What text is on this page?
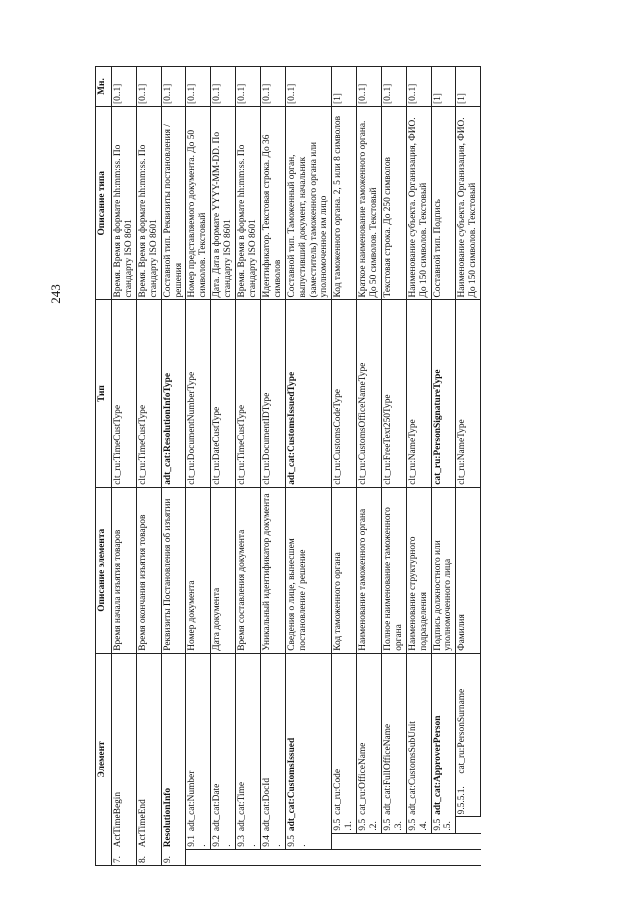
243
Элемент					Описание элемента	Тип	Описание типа	Мн.
7.	ActTimeBegin				Время начала изъятия товаров	clt_ru:TimeCustType	Время. Время в формате hh:mm:ss. По стандарту ISO 8601	[0..1]
8.	ActTimeEnd				Время окончания изъятия товаров	clt_ru:TimeCustType	Время. Время в формате hh:mm:ss. По стандарту ISO 8601	[0..1]
9.	ResolutionInfo				Реквизиты Постановления об изъятии	adt_cat:ResolutionInfoType	Составной тип. Реквизиты постановления / решения	[0..1]
	9.1.	adt_cat:Number			Номер документа	clt_ru:DocumentNumberType	Номер представляемого документа. До 50 символов. Текстовый	[0..1]
	9.2.	adt_cat:Date			Дата документа	clt_ru:DateCustType	Дата. Дата в формате YYYY-MM-DD. По стандарту ISO 8601	[0..1]
	9.3.	adt_cat:Time			Время составления документа	clt_ru:TimeCustType	Время. Время в формате hh:mm:ss. По стандарту ISO 8601	[0..1]
	9.4.	adt_cat:DocId			Уникальный идентификатор документа	clt_ru:DocumentIDType	Идентификатор. Текстовая строка. До 36 символов	[0..1]
	9.5.	adt_cat:CustomsIssued			Сведения о лице, вынесшем постановление / решение	adt_cat:CustomsIssuedType	Составной тип. Таможенный орган, выпустивший документ, начальник (заместитель) таможенного органа или уполномоченное им лицо	[0..1]
		9.5.1.	cat_ru:Code		Код таможенного органа	clt_ru:CustomsCodeType	Код таможенного органа. 2, 5 или 8 символов	[1]
		9.5.2.	cat_ru:OfficeName		Наименование таможенного органа	clt_ru:CustomsOfficeNameType	Краткое наименование таможенного органа. До 50 символов. Текстовый	[0..1]
		9.5.3.	adt_cat:FullOfficeName		Полное наименование таможенного органа	clt_ru:FreeText250Type	Текстовая строка. До 250 символов	[0..1]
		9.5.4.	adt_cat:CustomsSubUnit		Наименование структурного подразделения	clt_ru:NameType	Наименование субъекта. Организация, ФИО. До 150 символов. Текстовый	[0..1]
		9.5.5.	adt_cat:ApproverPerson		Подпись должностного или уполномоченного лица	cat_ru:PersonSignatureType	Составной тип. Подпись	[1]
			9.5.5.1.	cat_ru:PersonSurname	Фамилия	clt_ru:NameType	Наименование субъекта. Организация, ФИО. До 150 символов. Текстовый	[1]
